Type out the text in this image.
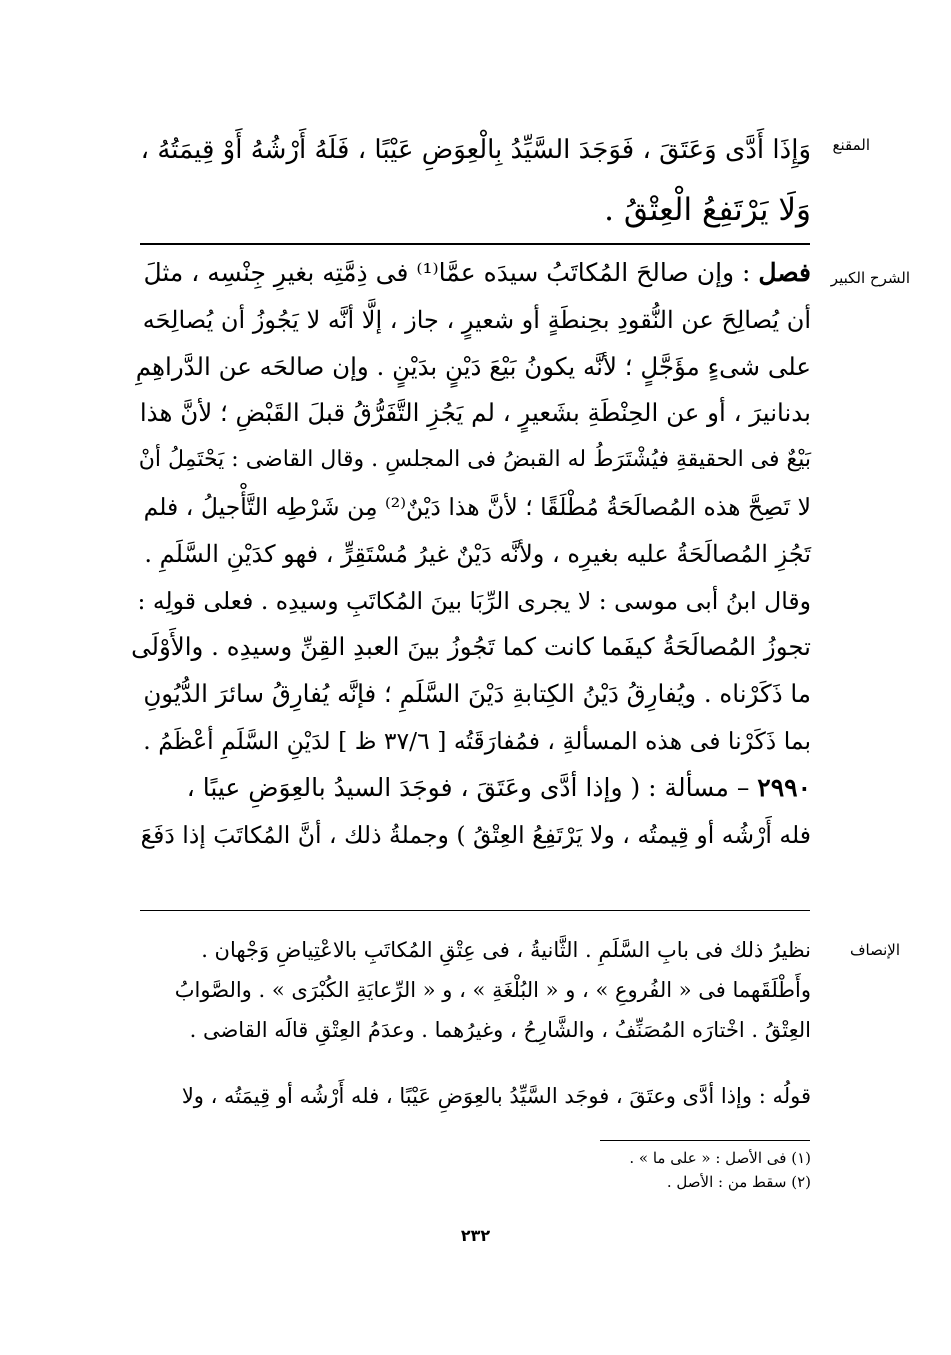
المقنع
الشرح الكبير
الإنصاف
وَإِذَا أَدَّى وَعَتَقَ ، فَوَجَدَ السَّيِّدُ بِالْعِوَضِ عَيْبًا ، فَلَهُ أَرْشُهُ أَوْ قِيمَتُهُ ،
وَلَا يَرْتَفِعُ الْعِتْقُ .
فصل : وإن صالحَ المُكاتَبُ سيدَه عمَّا⁽¹⁾ فى ذِمَّتِه بغيرِ جِنْسِه ، مثلَ
أن يُصالِحَ عن النُّقودِ بحِنطَةٍ أو شعيرٍ ، جاز ، إلَّا أنَّه لا يَجُوزُ أن يُصالِحَه
على شىءٍ مؤَجَّلٍ ؛ لأنَّه يكونُ بَيْعَ دَيْنٍ بدَيْنٍ . وإن صالحَه عن الدَّراهِمِ
بدنانيرَ ، أو عن الحِنْطَةِ بشَعيرٍ ، لم يَجُزِ التَّفَرُّقُ قبلَ القَبْضِ ؛ لأنَّ هذا
بَيْعٌ فى الحقيقةِ فيُشْتَرَطُ له القبضُ فى المجلسِ . وقال القاضى : يَحْتَمِلُ أنْ
لا تَصِحَّ هذه المُصالَحَةُ مُطْلَقًا ؛ لأنَّ هذا دَيْنٌ⁽²⁾ مِن شَرْطِه التَّأْجيلُ ، فلم
تَجُزِ المُصالَحَةُ عليه بغيرِه ، ولأنَّه دَيْنٌ غيرُ مُسْتَقِرٍّ ، فهو كدَيْنِ السَّلَمِ .
وقال ابنُ أبى موسى : لا يجرى الرِّبَا بينَ المُكاتَبِ وسيدِه . فعلى قولِه :
تجوزُ المُصالَحَةُ كيفَما كانت كما تَجُوزُ بينَ العبدِ القِنِّ وسيدِه . والأَوْلَى
ما ذَكَرْناه . ويُفارِقُ دَيْنُ الكِتابةِ دَيْنَ السَّلَمِ ؛ فإنَّه يُفارِقُ سائرَ الدُّيُونِ
بما ذَكَرْنا فى هذه المسألةِ ، فمُفارَقَتُه [ ٣٧/٦ ظ ] لدَيْنِ السَّلَمِ أعْظَمُ .
٢٩٩٠ – مسألة : ( وإذا أدَّى وعَتَقَ ، فوجَدَ السيدُ بالعِوَضِ عيبًا ،
فله أَرْشُه أو قِيمتُه ، ولا يَرْتَفِعُ العِتْقُ ) وجملةُ ذلك ، أنَّ المُكاتَبَ إذا دَفَعَ
نظيرُ ذلك فى بابِ السَّلَمِ . الثَّانيةُ ، فى عِتْقِ المُكاتَبِ بالاعْتِياضِ وَجْهان .
وأَطْلَقَهما فى « الفُروعِ » ، و « البُلْغَةِ » ، و « الرِّعايَةِ الكُبْرَى » . والصَّوابُ
العِتْقُ . اخْتارَه المُصَنِّفُ ، والشَّارِحُ ، وغيرُهما . وعدَمُ العِتْقِ قالَه القاضى .
قولُه : وإذا أدَّى وعتَقَ ، فوجَد السَّيِّدُ بالعِوَضِ عَيْبًا ، فله أَرْشُه أو قِيمَتُه ، ولا
(١) فى الأصل : « على ما » .
(٢) سقط من : الأصل .
٢٣٢
